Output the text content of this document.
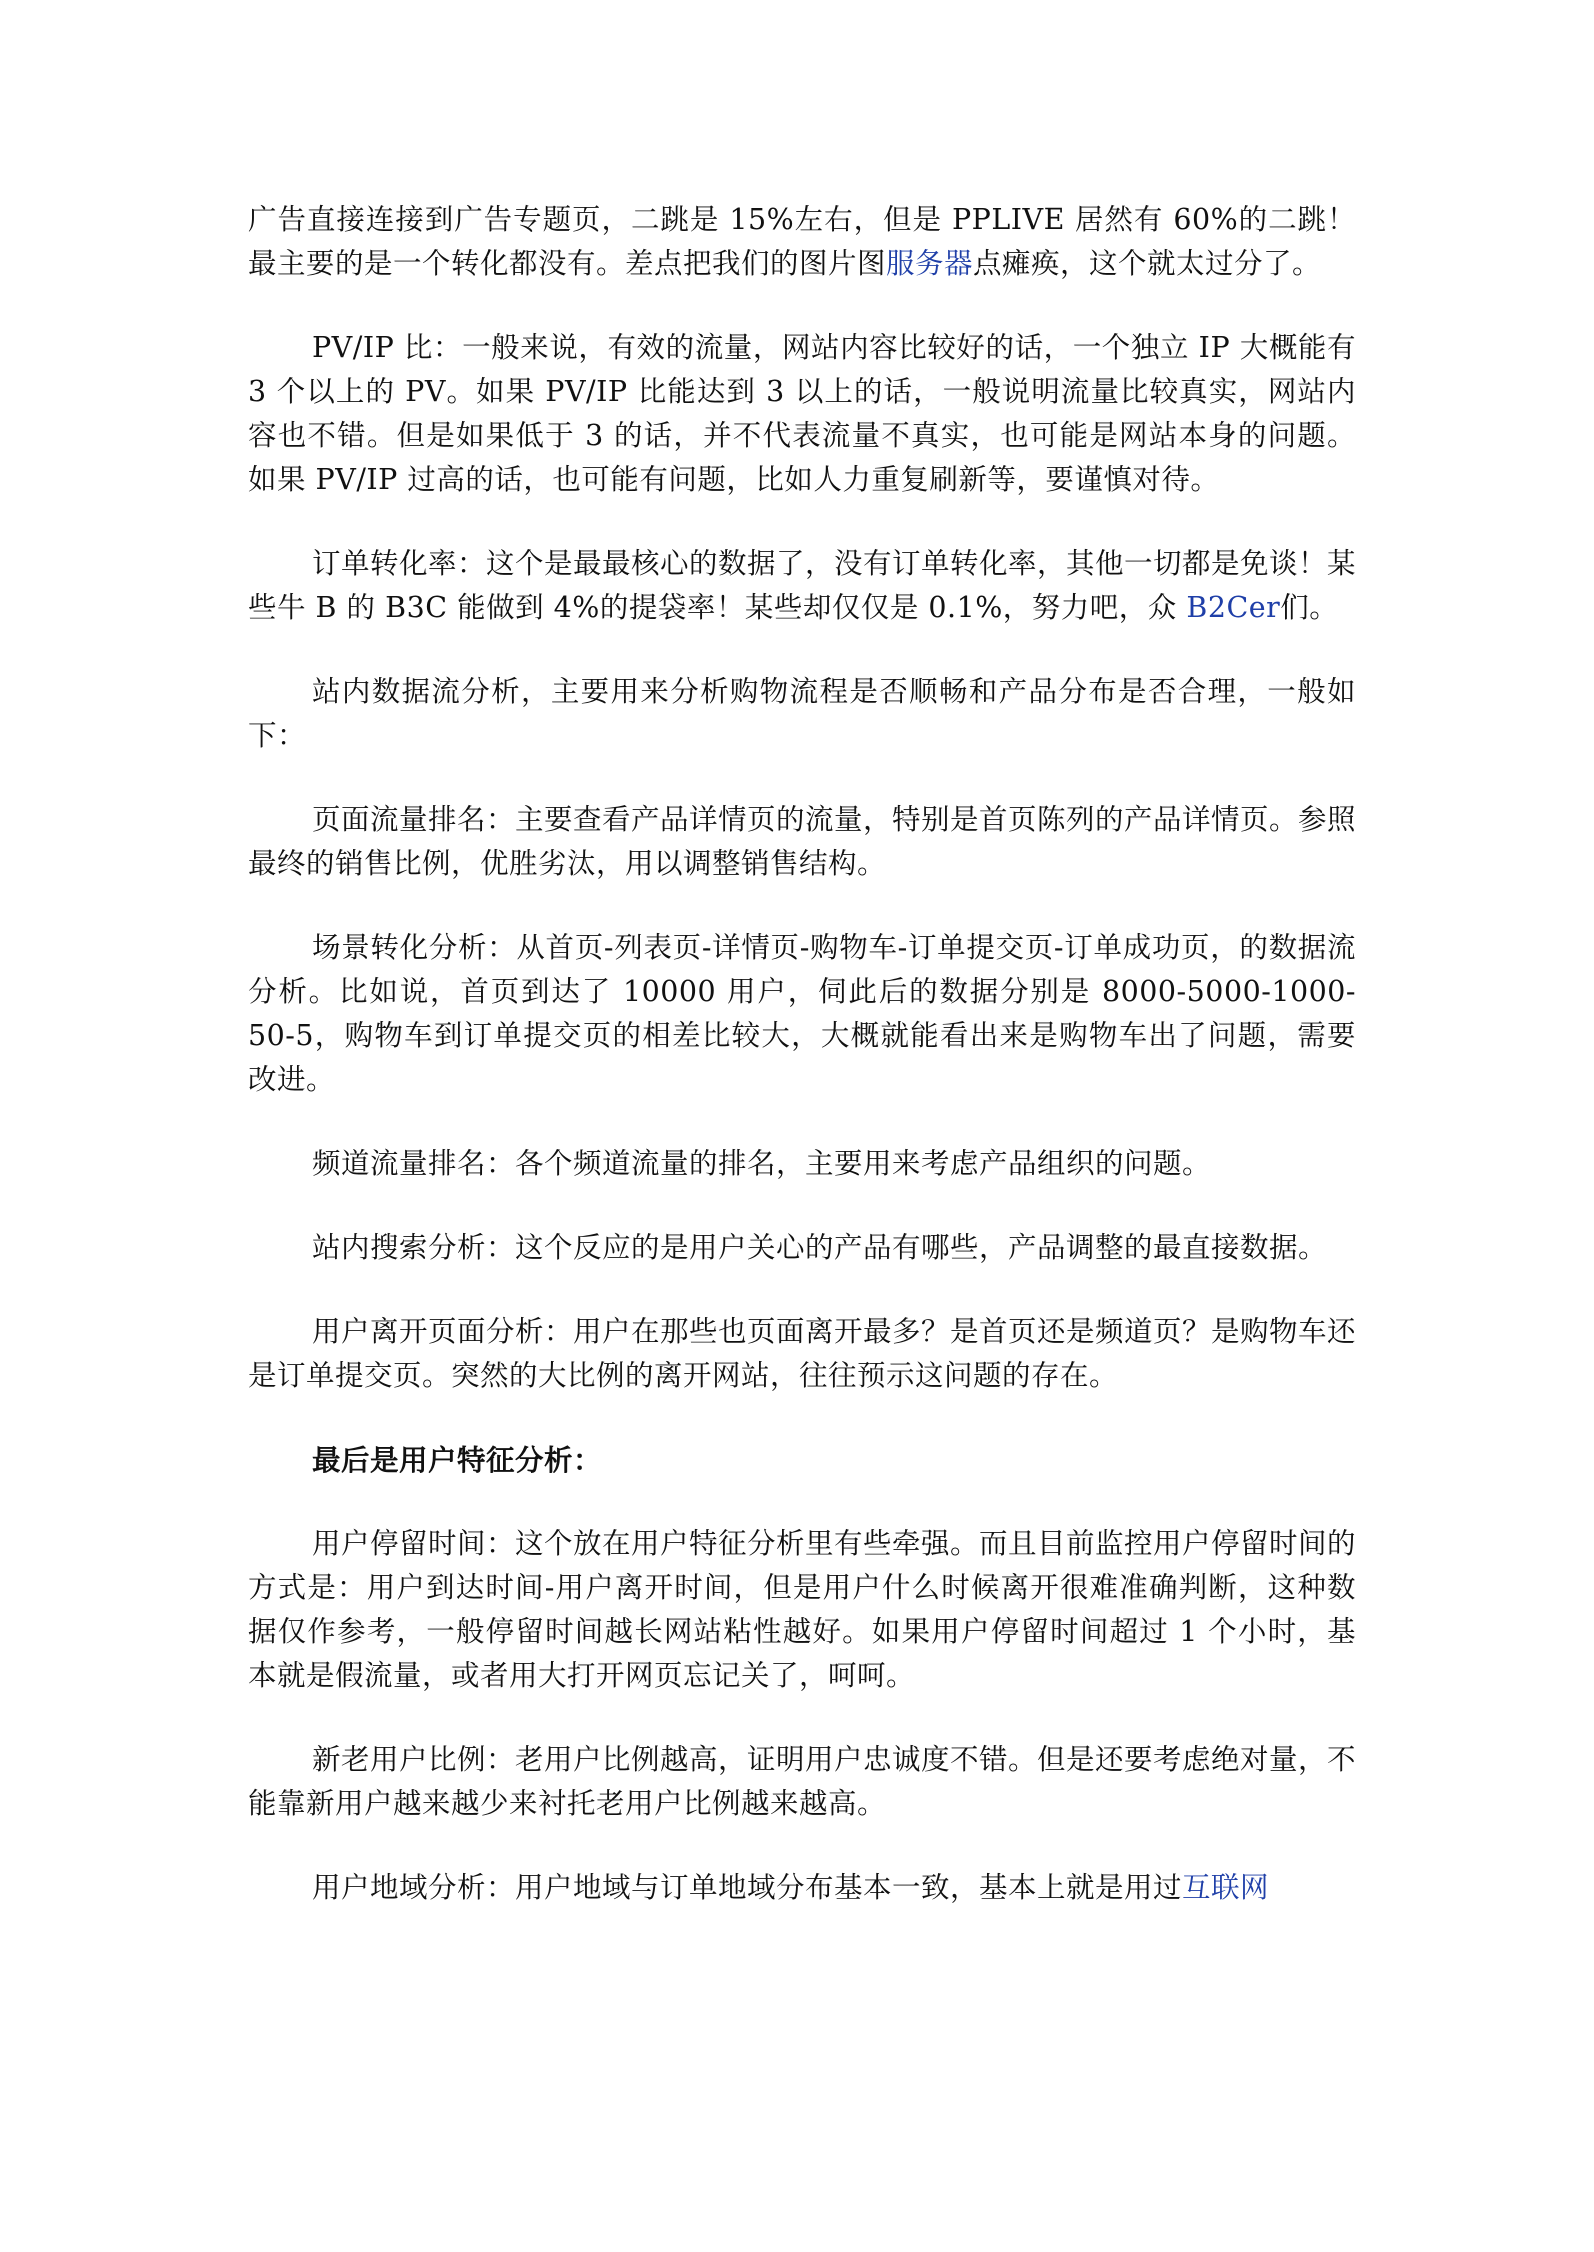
广告直接连接到广告专题页，二跳是 15%左右，但是 PPLIVE 居然有 60%的二跳！最主要的是一个转化都没有。差点把我们的图片图服务器点瘫痪，这个就太过分了。

PV/IP 比：一般来说，有效的流量，网站内容比较好的话，一个独立 IP 大概能有 3 个以上的 PV。如果 PV/IP 比能达到 3 以上的话，一般说明流量比较真实，网站内容也不错。但是如果低于 3 的话，并不代表流量不真实，也可能是网站本身的问题。如果 PV/IP 过高的话，也可能有问题，比如人力重复刷新等，要谨慎对待。

订单转化率：这个是最最核心的数据了，没有订单转化率，其他一切都是免谈！某些牛 B 的 B3C 能做到 4%的提袋率！某些却仅仅是 0.1%，努力吧，众 B2Cer们。

站内数据流分析，主要用来分析购物流程是否顺畅和产品分布是否合理，一般如下：

页面流量排名：主要查看产品详情页的流量，特别是首页陈列的产品详情页。参照最终的销售比例，优胜劣汰，用以调整销售结构。

场景转化分析：从首页-列表页-详情页-购物车-订单提交页-订单成功页，的数据流分析。比如说，首页到达了 10000 用户，伺此后的数据分别是 8000-5000-1000-50-5，购物车到订单提交页的相差比较大，大概就能看出来是购物车出了问题，需要改进。

频道流量排名：各个频道流量的排名，主要用来考虑产品组织的问题。

站内搜索分析：这个反应的是用户关心的产品有哪些，产品调整的最直接数据。

用户离开页面分析：用户在那些也页面离开最多？是首页还是频道页？是购物车还是订单提交页。突然的大比例的离开网站，往往预示这问题的存在。

最后是用户特征分析：

用户停留时间：这个放在用户特征分析里有些牵强。而且目前监控用户停留时间的方式是：用户到达时间-用户离开时间，但是用户什么时候离开很难准确判断，这种数据仅作参考，一般停留时间越长网站粘性越好。如果用户停留时间超过 1 个小时，基本就是假流量，或者用大打开网页忘记关了，呵呵。

新老用户比例：老用户比例越高，证明用户忠诚度不错。但是还要考虑绝对量，不能靠新用户越来越少来衬托老用户比例越来越高。

用户地域分析：用户地域与订单地域分布基本一致，基本上就是用过互联网
